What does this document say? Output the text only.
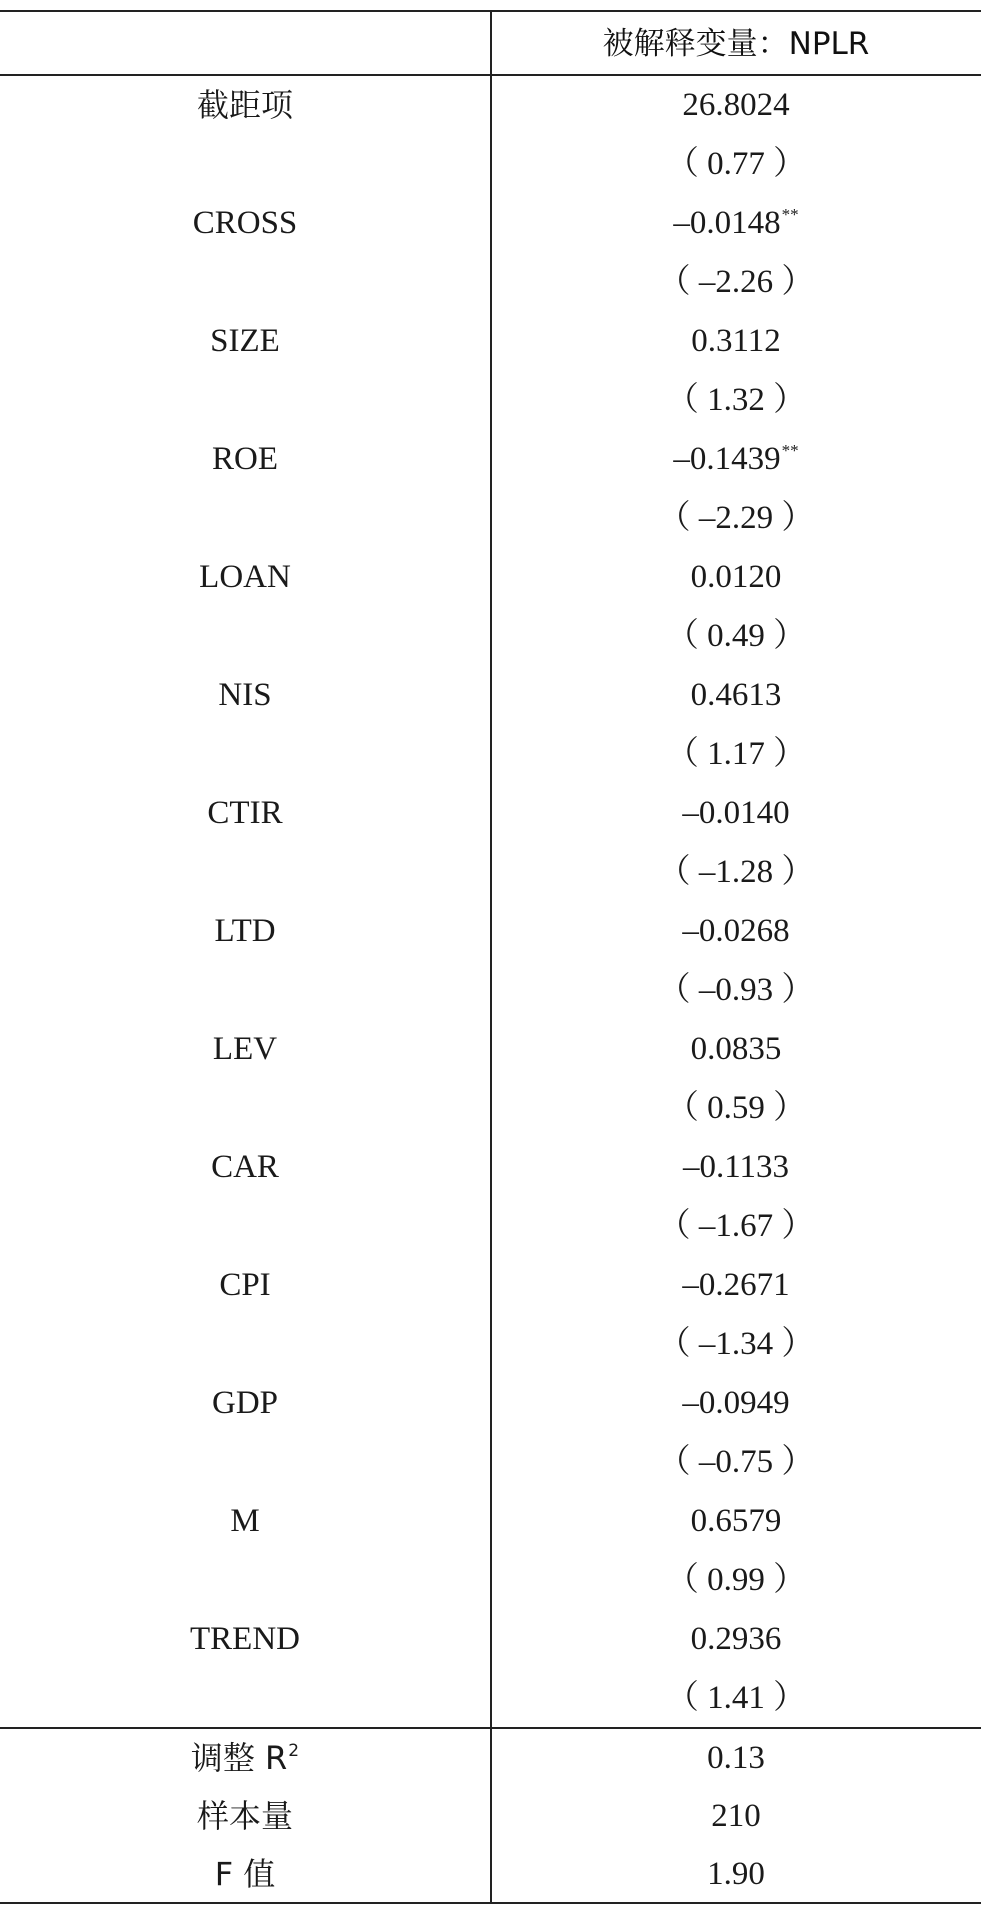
被解释变量：NPLR
截距项	26.8024
（ 0.77 ）
CROSS	–0.0148**
（ –2.26 ）
SIZE	0.3112
（ 1.32 ）
ROE	–0.1439**
（ –2.29 ）
LOAN	0.0120
（ 0.49 ）
NIS	0.4613
（ 1.17 ）
CTIR	–0.0140
（ –1.28 ）
LTD	–0.0268
（ –0.93 ）
LEV	0.0835
（ 0.59 ）
CAR	–0.1133
（ –1.67 ）
CPI	–0.2671
（ –1.34 ）
GDP	–0.0949
（ –0.75 ）
M	0.6579
（ 0.99 ）
TREND	0.2936
（ 1.41 ）
调整 $R^2$	0.13
样本量	210
F 值	1.90
